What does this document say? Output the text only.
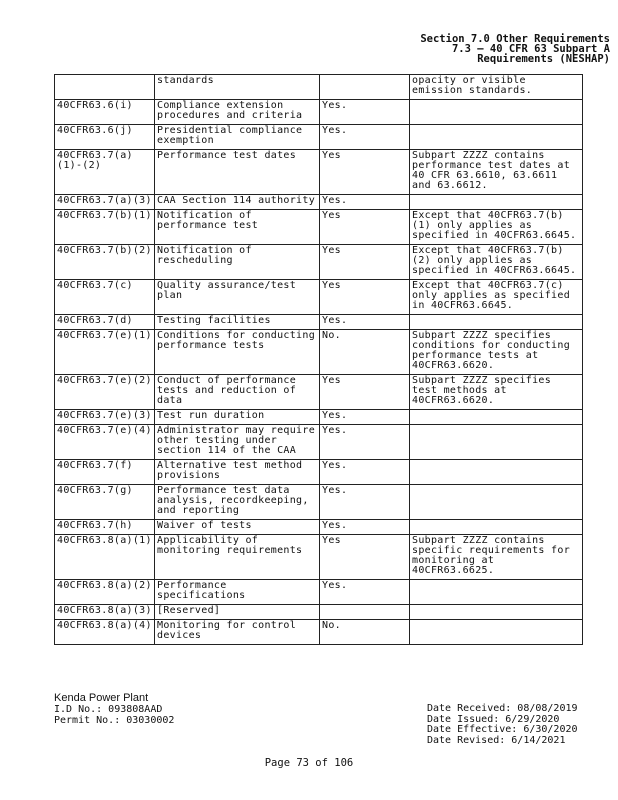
Section 7.0 Other Requirements
7.3 – 40 CFR 63 Subpart A
Requirements (NESHAP)
	standards		opacity or visible emission standards.
40CFR63.6(i)	Compliance extension procedures and criteria	Yes.	
40CFR63.6(j)	Presidential compliance exemption	Yes.	
40CFR63.7(a)(1)-(2)	Performance test dates	Yes	Subpart ZZZZ contains performance test dates at 40 CFR 63.6610, 63.6611 and 63.6612.
40CFR63.7(a)(3)	CAA Section 114 authority	Yes.	
40CFR63.7(b)(1)	Notification of performance test	Yes	Except that 40CFR63.7(b)(1) only applies as specified in 40CFR63.6645.
40CFR63.7(b)(2)	Notification of rescheduling	Yes	Except that 40CFR63.7(b)(2) only applies as specified in 40CFR63.6645.
40CFR63.7(c)	Quality assurance/test plan	Yes	Except that 40CFR63.7(c) only applies as specified in 40CFR63.6645.
40CFR63.7(d)	Testing facilities	Yes.	
40CFR63.7(e)(1)	Conditions for conducting performance tests	No.	Subpart ZZZZ specifies conditions for conducting performance tests at 40CFR63.6620.
40CFR63.7(e)(2)	Conduct of performance tests and reduction of data	Yes	Subpart ZZZZ specifies test methods at 40CFR63.6620.
40CFR63.7(e)(3)	Test run duration	Yes.	
40CFR63.7(e)(4)	Administrator may require other testing under section 114 of the CAA	Yes.	
40CFR63.7(f)	Alternative test method provisions	Yes.	
40CFR63.7(g)	Performance test data analysis, recordkeeping, and reporting	Yes.	
40CFR63.7(h)	Waiver of tests	Yes.	
40CFR63.8(a)(1)	Applicability of monitoring requirements	Yes	Subpart ZZZZ contains specific requirements for monitoring at 40CFR63.6625.
40CFR63.8(a)(2)	Performance specifications	Yes.	
40CFR63.8(a)(3)	[Reserved]		
40CFR63.8(a)(4)	Monitoring for control devices	No.	
Kenda Power Plant
I.D No.: 093808AAD
Permit No.: 03030002
Date Received: 08/08/2019
Date Issued: 6/29/2020
Date Effective: 6/30/2020
Date Revised: 6/14/2021
Page 73 of 106
